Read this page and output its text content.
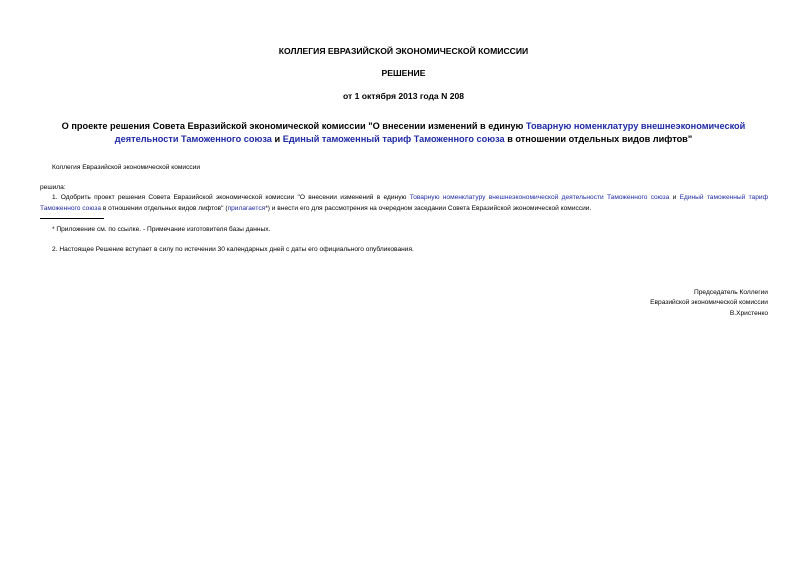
КОЛЛЕГИЯ ЕВРАЗИЙСКОЙ ЭКОНОМИЧЕСКОЙ КОМИССИИ
РЕШЕНИЕ
от 1 октября 2013 года N 208
О проекте решения Совета Евразийской экономической комиссии "О внесении изменений в единую Товарную номенклатуру внешнеэкономической деятельности Таможенного союза и Единый таможенный тариф Таможенного союза в отношении отдельных видов лифтов"
Коллегия Евразийской экономической комиссии
решила:
1. Одобрить проект решения Совета Евразийской экономической комиссии "О внесении изменений в единую Товарную номенклатуру внешнеэкономической деятельности Таможенного союза и Единый таможенный тариф Таможенного союза в отношении отдельных видов лифтов" (прилагается*) и внести его для рассмотрения на очередном заседании Совета Евразийской экономической комиссии.
* Приложение см. по ссылке. - Примечание изготовителя базы данных.
2. Настоящее Решение вступает в силу по истечении 30 календарных дней с даты его официального опубликования.
Председатель Коллегии
Евразийской экономической комиссии
В.Христенко
